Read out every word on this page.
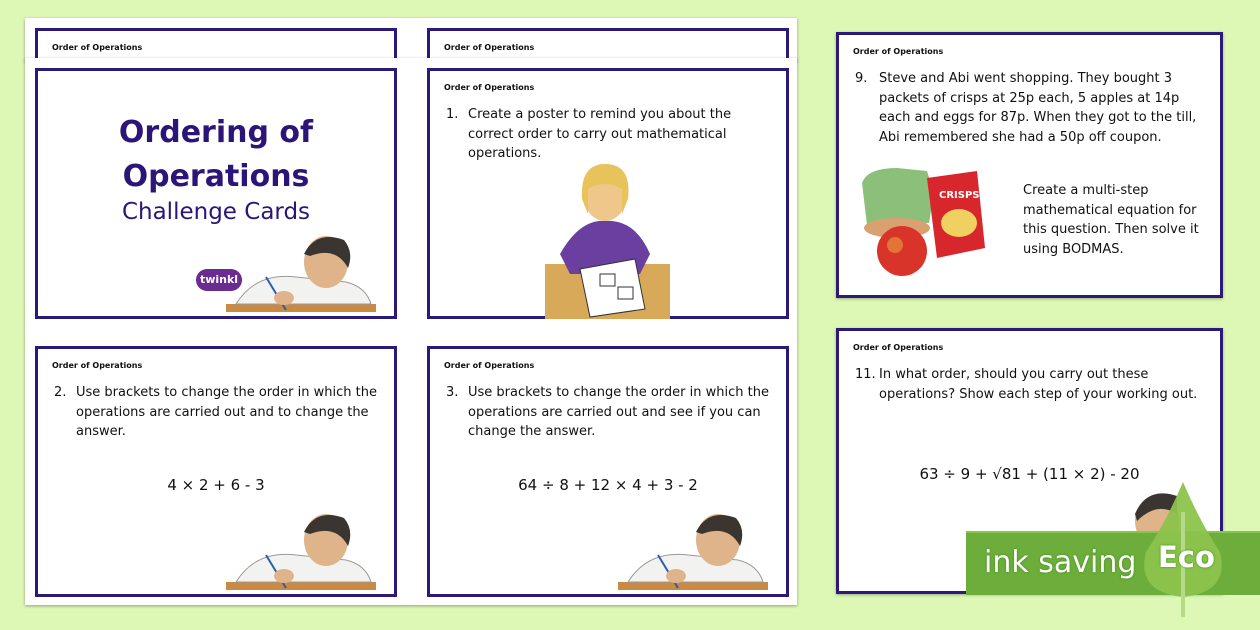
Order of Operations	Order of Operations
Ordering of
Operations
Challenge Cards
twinkl
Order of Operations
1. Create a poster to remind you about the correct order to carry out mathematical operations.
Order of Operations
2. Use brackets to change the order in which the operations are carried out and to change the answer.
4 × 2 + 6 - 3
Order of Operations
3. Use brackets to change the order in which the operations are carried out and see if you can change the answer.
64 ÷ 8 + 12 × 4 + 3 - 2
Order of Operations
9. Steve and Abi went shopping. They bought 3 packets of crisps at 25p each, 5 apples at 14p each and eggs for 87p. When they got to the till, Abi remembered she had a 50p off coupon.
CRISPS	Create a multi-step mathematical equation for this question. Then solve it using BODMAS.
Order of Operations
11. In what order, should you carry out these operations? Show each step of your working out.
63 ÷ 9 + √81 + (11 × 2) - 20
ink saving Eco
